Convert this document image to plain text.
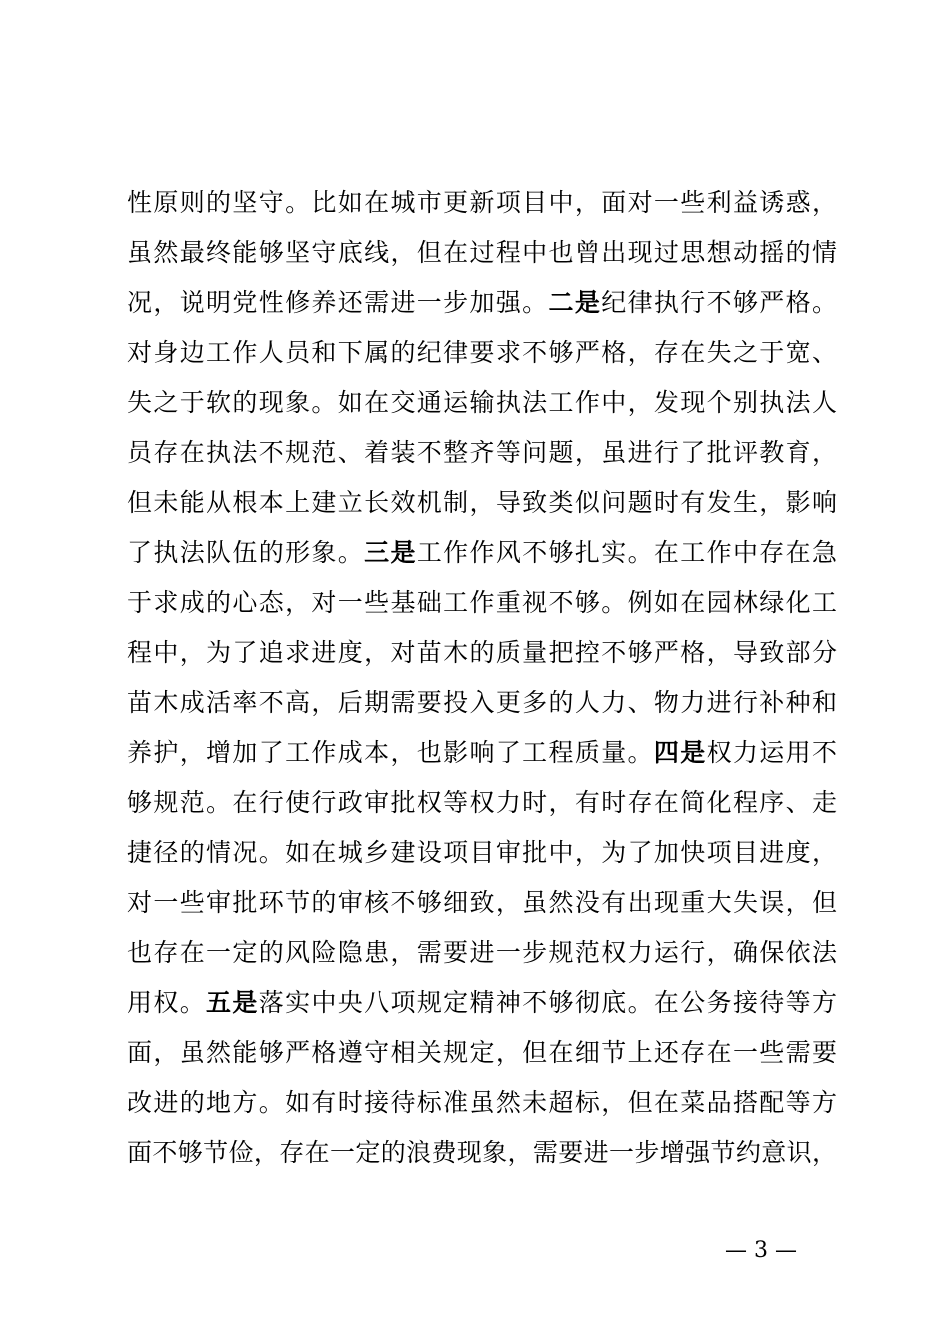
性原则的坚守。比如在城市更新项目中，面对一些利益诱惑，
虽然最终能够坚守底线，但在过程中也曾出现过思想动摇的情
况，说明党性修养还需进一步加强。二是纪律执行不够严格。
对身边工作人员和下属的纪律要求不够严格，存在失之于宽、
失之于软的现象。如在交通运输执法工作中，发现个别执法人
员存在执法不规范、着装不整齐等问题，虽进行了批评教育，
但未能从根本上建立长效机制，导致类似问题时有发生，影响
了执法队伍的形象。三是工作作风不够扎实。在工作中存在急
于求成的心态，对一些基础工作重视不够。例如在园林绿化工
程中，为了追求进度，对苗木的质量把控不够严格，导致部分
苗木成活率不高，后期需要投入更多的人力、物力进行补种和
养护，增加了工作成本，也影响了工程质量。四是权力运用不
够规范。在行使行政审批权等权力时，有时存在简化程序、走
捷径的情况。如在城乡建设项目审批中，为了加快项目进度，
对一些审批环节的审核不够细致，虽然没有出现重大失误，但
也存在一定的风险隐患，需要进一步规范权力运行，确保依法
用权。五是落实中央八项规定精神不够彻底。在公务接待等方
面，虽然能够严格遵守相关规定，但在细节上还存在一些需要
改进的地方。如有时接待标准虽然未超标，但在菜品搭配等方
面不够节俭，存在一定的浪费现象，需要进一步增强节约意识，
— 3 —
